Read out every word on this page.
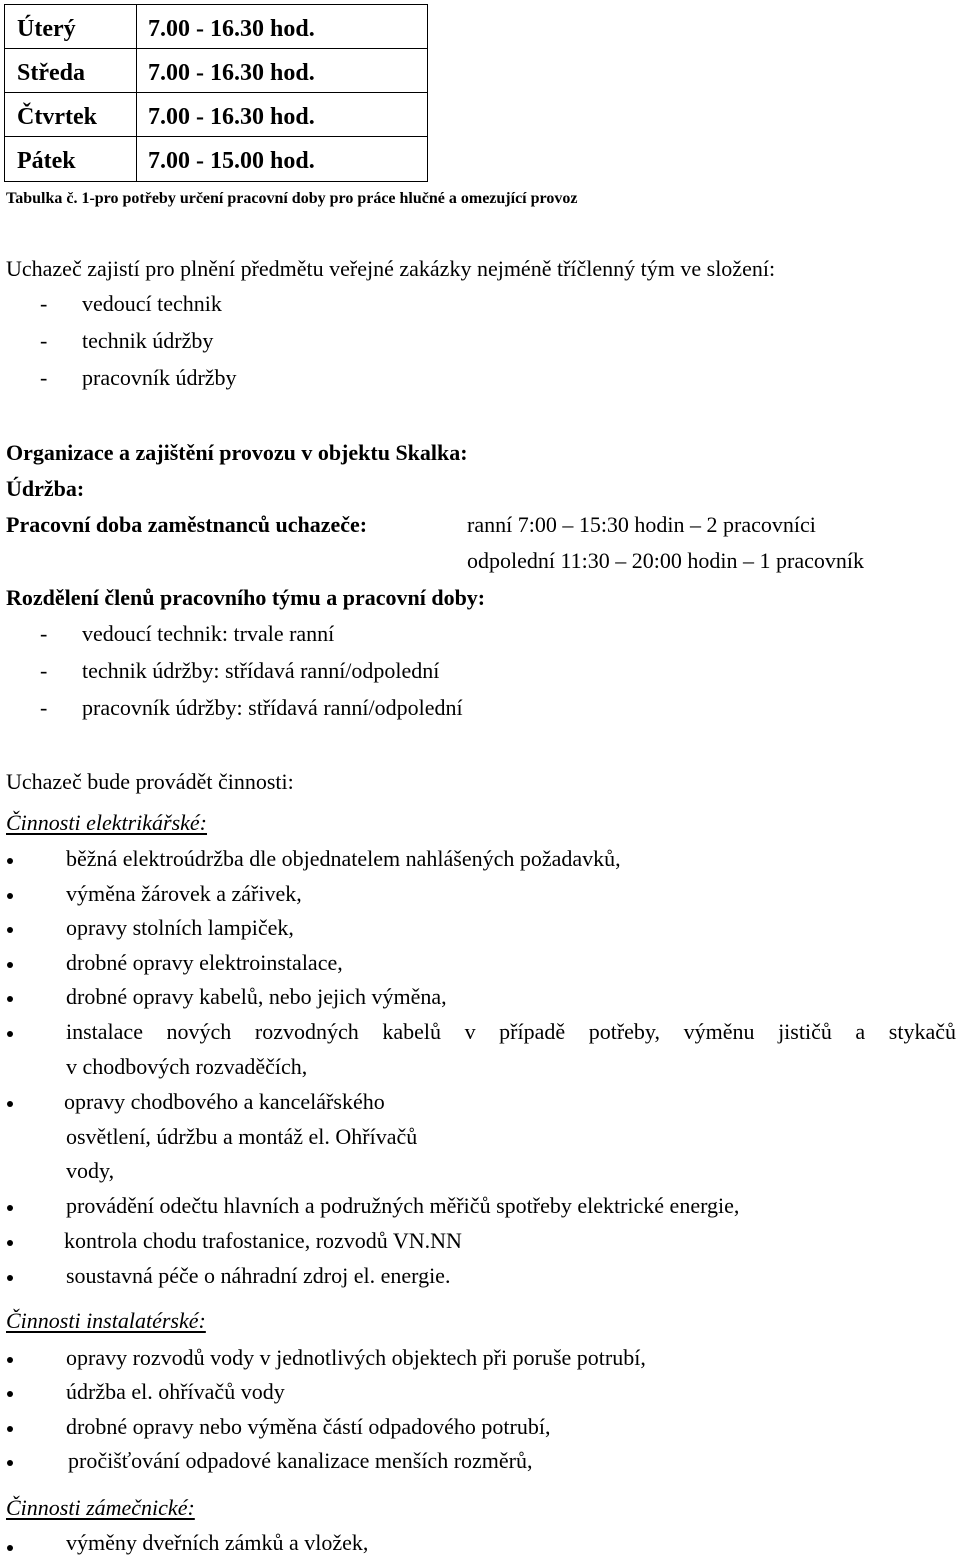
Úterý	7.00 - 16.30 hod.
Středa	7.00 - 16.30 hod.
Čtvrtek 7.00 - 16.30 hod.
Pátek	7.00 - 15.00 hod.
Tabulka č. 1-pro potřeby určení pracovní doby pro práce hlučné a omezující provoz
Uchazeč zajistí pro plnění předmětu veřejné zakázky nejméně tříčlenný tým ve složení:
- vedoucí technik
- technik údržby
- pracovník údržby
Organizace a zajištění provozu v objektu Skalka:
Údržba:
Pracovní doba zaměstnanců uchazeče:	ranní 7:00 – 15:30 hodin – 2 pracovníci
odpolední 11:30 – 20:00 hodin – 1 pracovník
Rozdělení členů pracovního týmu a pracovní doby:
- vedoucí technik: trvale ranní
- technik údržby: střídavá ranní/odpolední
- pracovník údržby: střídavá ranní/odpolední
Uchazeč bude provádět činnosti:
Činnosti elektrikářské:
běžná elektroúdržba dle objednatelem nahlášených požadavků,
výměna žárovek a zářivek,
opravy stolních lampiček,
drobné opravy elektroinstalace,
drobné opravy kabelů, nebo jejich výměna,
instalace nových rozvodných kabelů v případě potřeby, výměnu jističů a stykačů
v chodbových rozvaděčích,
opravy chodbového a kancelářského
osvětlení, údržbu a montáž el. Ohřívačů
vody,
provádění odečtu hlavních a podružných měřičů spotřeby elektrické energie,
kontrola chodu trafostanice, rozvodů VN.NN
soustavná péče o náhradní zdroj el. energie.
Činnosti instalatérské:
opravy rozvodů vody v jednotlivých objektech při poruše potrubí,
údržba el. ohřívačů vody
drobné opravy nebo výměna částí odpadového potrubí,
pročišťování odpadové kanalizace menších rozměrů,
Činnosti zámečnické:
výměny dveřních zámků a vložek,
